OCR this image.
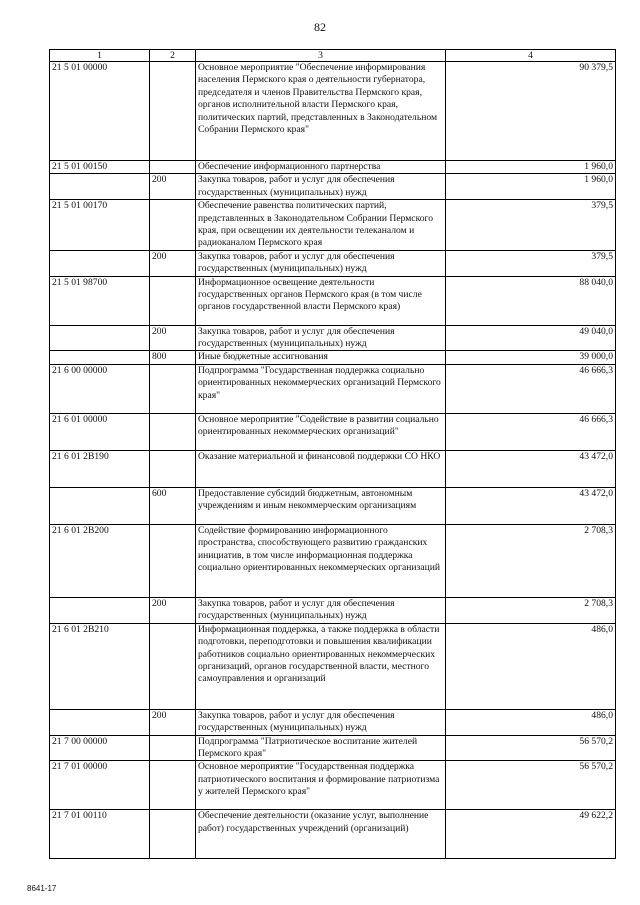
82
1	2	3	4
21 5 01 00000		Основное мероприятие "Обеспечение информирования населения Пермского края о деятельности губернатора, председателя и членов Правительства Пермского края, органов исполнительной власти Пермского края, политических партий, представленных в Законодательном Собрании Пермского края"	90 379,5
21 5 01 00150		Обеспечение информационного партнерства	1 960,0
	200	Закупка товаров, работ и услуг для обеспечения государственных (муниципальных) нужд	1 960,0
21 5 01 00170		Обеспечение равенства политических партий, представленных в Законодательном Собрании Пермского края, при освещении их деятельности телеканалом и радиоканалом Пермского края	379,5
	200	Закупка товаров, работ и услуг для обеспечения государственных (муниципальных) нужд	379,5
21 5 01 98700		Информационное освещение деятельности государственных органов Пермского края (в том числе органов государственной власти Пермского края)	88 040,0
	200	Закупка товаров, работ и услуг для обеспечения государственных (муниципальных) нужд	49 040,0
	800	Иные бюджетные ассигнования	39 000,0
21 6 00 00000		Подпрограмма "Государственная поддержка социально ориентированных некоммерческих организаций Пермского края"	46 666,3
21 6 01 00000		Основное мероприятие "Содействие в развитии социально ориентированных некоммерческих организаций"	46 666,3
21 6 01 2В190		Оказание материальной и финансовой поддержки СО НКО	43 472,0
	600	Предоставление субсидий бюджетным, автономным учреждениям и иным некоммерческим организациям	43 472,0
21 6 01 2В200		Содействие формированию информационного пространства, способствующего развитию гражданских инициатив, в том числе информационная поддержка социально ориентированных некоммерческих организаций	2 708,3
	200	Закупка товаров, работ и услуг для обеспечения государственных (муниципальных) нужд	2 708,3
21 6 01 2В210		Информационная поддержка, а также поддержка в области подготовки, переподготовки и повышения квалификации работников социально ориентированных некоммерческих организаций, органов государственной власти, местного самоуправления и организаций	486,0
	200	Закупка товаров, работ и услуг для обеспечения государственных (муниципальных) нужд	486,0
21 7 00 00000		Подпрограмма "Патриотическое воспитание жителей Пермского края"	56 570,2
21 7 01 00000		Основное мероприятие "Государственная поддержка патриотического воспитания и формирование патриотизма у жителей Пермского края"	56 570,2
21 7 01 00110		Обеспечение деятельности (оказание услуг, выполнение работ) государственных учреждений (организаций)	49 622,2
8641-17
